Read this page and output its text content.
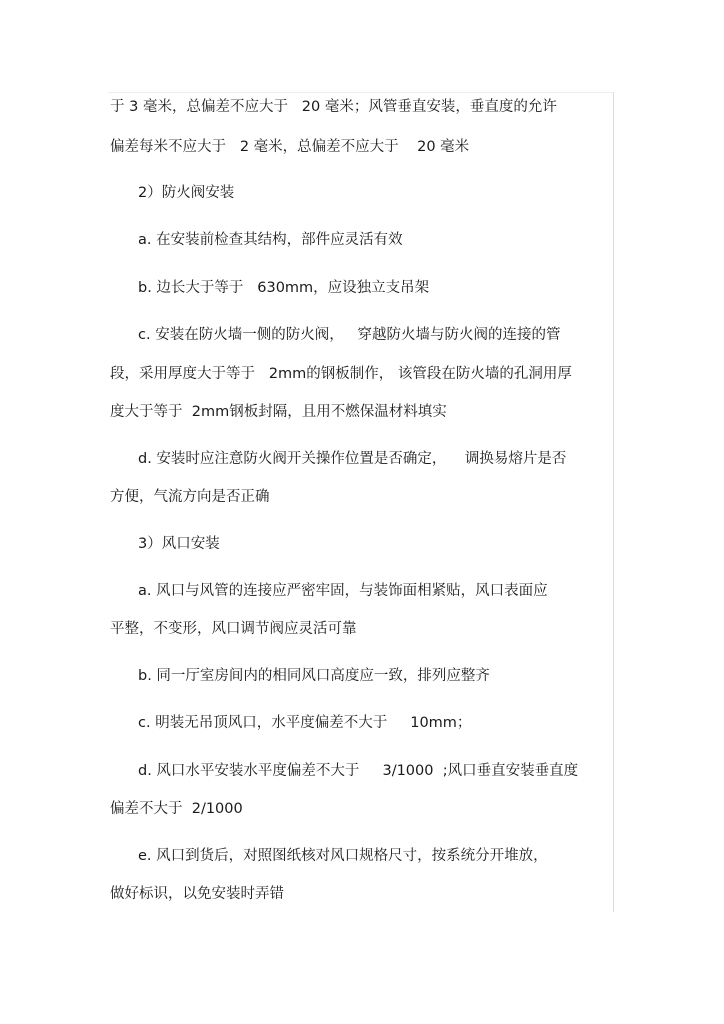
于 3 毫米，总偏差不应大于   20 毫米；风管垂直安装，垂直度的允许
偏差每米不应大于   2 毫米，总偏差不应大于    20 毫米
2）防火阀安装
a. 在安装前检查其结构，部件应灵活有效
b. 边长大于等于   630mm，应设独立支吊架
c. 安装在防火墙一侧的防火阀，   穿越防火墙与防火阀的连接的管
段，采用厚度大于等于   2mm的钢板制作， 该管段在防火墙的孔洞用厚
度大于等于  2mm钢板封隔，且用不燃保温材料填实
d. 安装时应注意防火阀开关操作位置是否确定，    调换易熔片是否
方便，气流方向是否正确
3）风口安装
a. 风口与风管的连接应严密牢固，与装饰面相紧贴，风口表面应
平整，不变形，风口调节阀应灵活可靠
b. 同一厅室房间内的相同风口高度应一致，排列应整齐
c. 明装无吊顶风口，水平度偏差不大于     10mm；
d. 风口水平安装水平度偏差不大于     3/1000  ;风口垂直安装垂直度
偏差不大于  2/1000
e. 风口到货后，对照图纸核对风口规格尺寸，按系统分开堆放，
做好标识，以免安装时弄错
